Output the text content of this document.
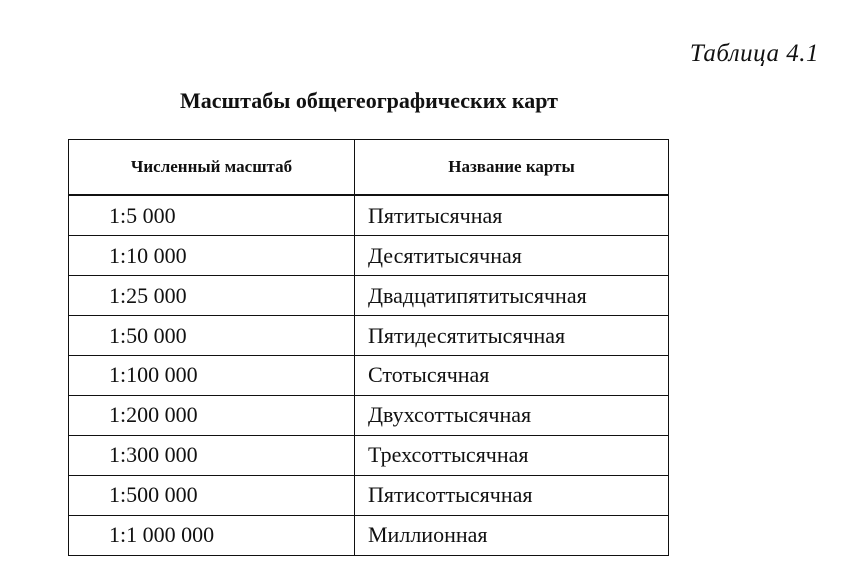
Таблица 4.1
Масштабы общегеографических карт
Численный масштаб	Название карты
1:5 000	Пятитысячная
1:10 000	Десятитысячная
1:25 000	Двадцатипятитысячная
1:50 000	Пятидесятитысячная
1:100 000	Стотысячная
1:200 000	Двухсоттысячная
1:300 000	Трехсоттысячная
1:500 000	Пятисоттысячная
1:1 000 000	Миллионная
